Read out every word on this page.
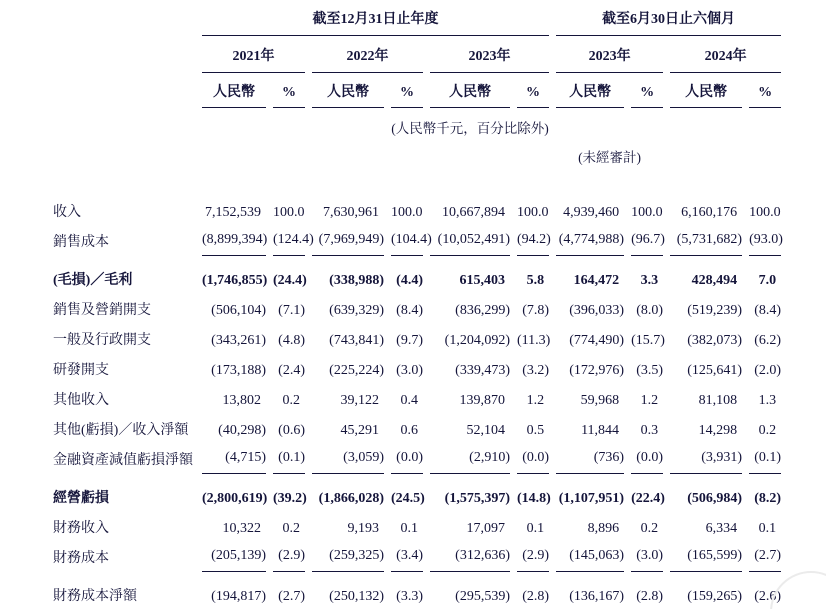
	截至12月31日止年度						截至6月30日止六個月			
	2021年		2022年		2023年		2023年		2024年	
	人民幣	%	人民幣	%	人民幣	%	人民幣	%	人民幣	%
				(人民幣千元，百分比除外)						
							(未經審計)			

收入	7,152,539	100.0	7,630,961	100.0	10,667,894	100.0	4,939,460	100.0	6,160,176	100.0
銷售成本	(8,899,394)	(124.4)	(7,969,949)	(104.4)	(10,052,491)	(94.2)	(4,774,988)	(96.7)	(5,731,682)	(93.0)
(毛損)／毛利	(1,746,855)	(24.4)	(338,988)	(4.4)	615,403	5.8	164,472	3.3	428,494	7.0
銷售及營銷開支	(506,104)	(7.1)	(639,329)	(8.4)	(836,299)	(7.8)	(396,033)	(8.0)	(519,239)	(8.4)
一般及行政開支	(343,261)	(4.8)	(743,841)	(9.7)	(1,204,092)	(11.3)	(774,490)	(15.7)	(382,073)	(6.2)
研發開支	(173,188)	(2.4)	(225,224)	(3.0)	(339,473)	(3.2)	(172,976)	(3.5)	(125,641)	(2.0)
其他收入	13,802	0.2	39,122	0.4	139,870	1.2	59,968	1.2	81,108	1.3
其他(虧損)／收入淨額	(40,298)	(0.6)	45,291	0.6	52,104	0.5	11,844	0.3	14,298	0.2
金融資產減值虧損淨額	(4,715)	(0.1)	(3,059)	(0.0)	(2,910)	(0.0)	(736)	(0.0)	(3,931)	(0.1)
經營虧損	(2,800,619)	(39.2)	(1,866,028)	(24.5)	(1,575,397)	(14.8)	(1,107,951)	(22.4)	(506,984)	(8.2)
財務收入	10,322	0.2	9,193	0.1	17,097	0.1	8,896	0.2	6,334	0.1
財務成本	(205,139)	(2.9)	(259,325)	(3.4)	(312,636)	(2.9)	(145,063)	(3.0)	(165,599)	(2.7)
財務成本淨額	(194,817)	(2.7)	(250,132)	(3.3)	(295,539)	(2.8)	(136,167)	(2.8)	(159,265)	(2.6)
